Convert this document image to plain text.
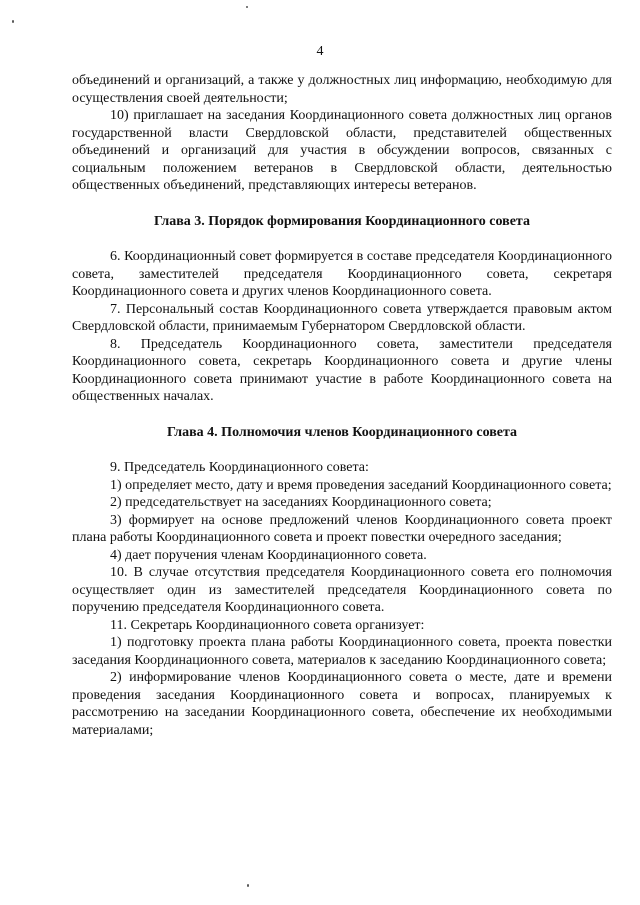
4

объединений и организаций, а также у должностных лиц информацию, необходимую для осуществления своей деятельности;

10) приглашает на заседания Координационного совета должностных лиц органов государственной власти Свердловской области, представителей общественных объединений и организаций для участия в обсуждении вопросов, связанных с социальным положением ветеранов в Свердловской области, деятельностью общественных объединений, представляющих интересы ветеранов.

Глава 3. Порядок формирования Координационного совета

6. Координационный совет формируется в составе председателя Координационного совета, заместителей председателя Координационного совета, секретаря Координационного совета и других членов Координационного совета.

7. Персональный состав Координационного совета утверждается правовым актом Свердловской области, принимаемым Губернатором Свердловской области.

8. Председатель Координационного совета, заместители председателя Координационного совета, секретарь Координационного совета и другие члены Координационного совета принимают участие в работе Координационного совета на общественных началах.

Глава 4. Полномочия членов Координационного совета

9. Председатель Координационного совета:

1) определяет место, дату и время проведения заседаний Координационного совета;

2) председательствует на заседаниях Координационного совета;

3) формирует на основе предложений членов Координационного совета проект плана работы Координационного совета и проект повестки очередного заседания;

4) дает поручения членам Координационного совета.

10. В случае отсутствия председателя Координационного совета его полномочия осуществляет один из заместителей председателя Координационного совета по поручению председателя Координационного совета.

11. Секретарь Координационного совета организует:

1) подготовку проекта плана работы Координационного совета, проекта повестки заседания Координационного совета, материалов к заседанию Координационного совета;

2) информирование членов Координационного совета о месте, дате и времени проведения заседания Координационного совета и вопросах, планируемых к рассмотрению на заседании Координационного совета, обеспечение их необходимыми материалами;
